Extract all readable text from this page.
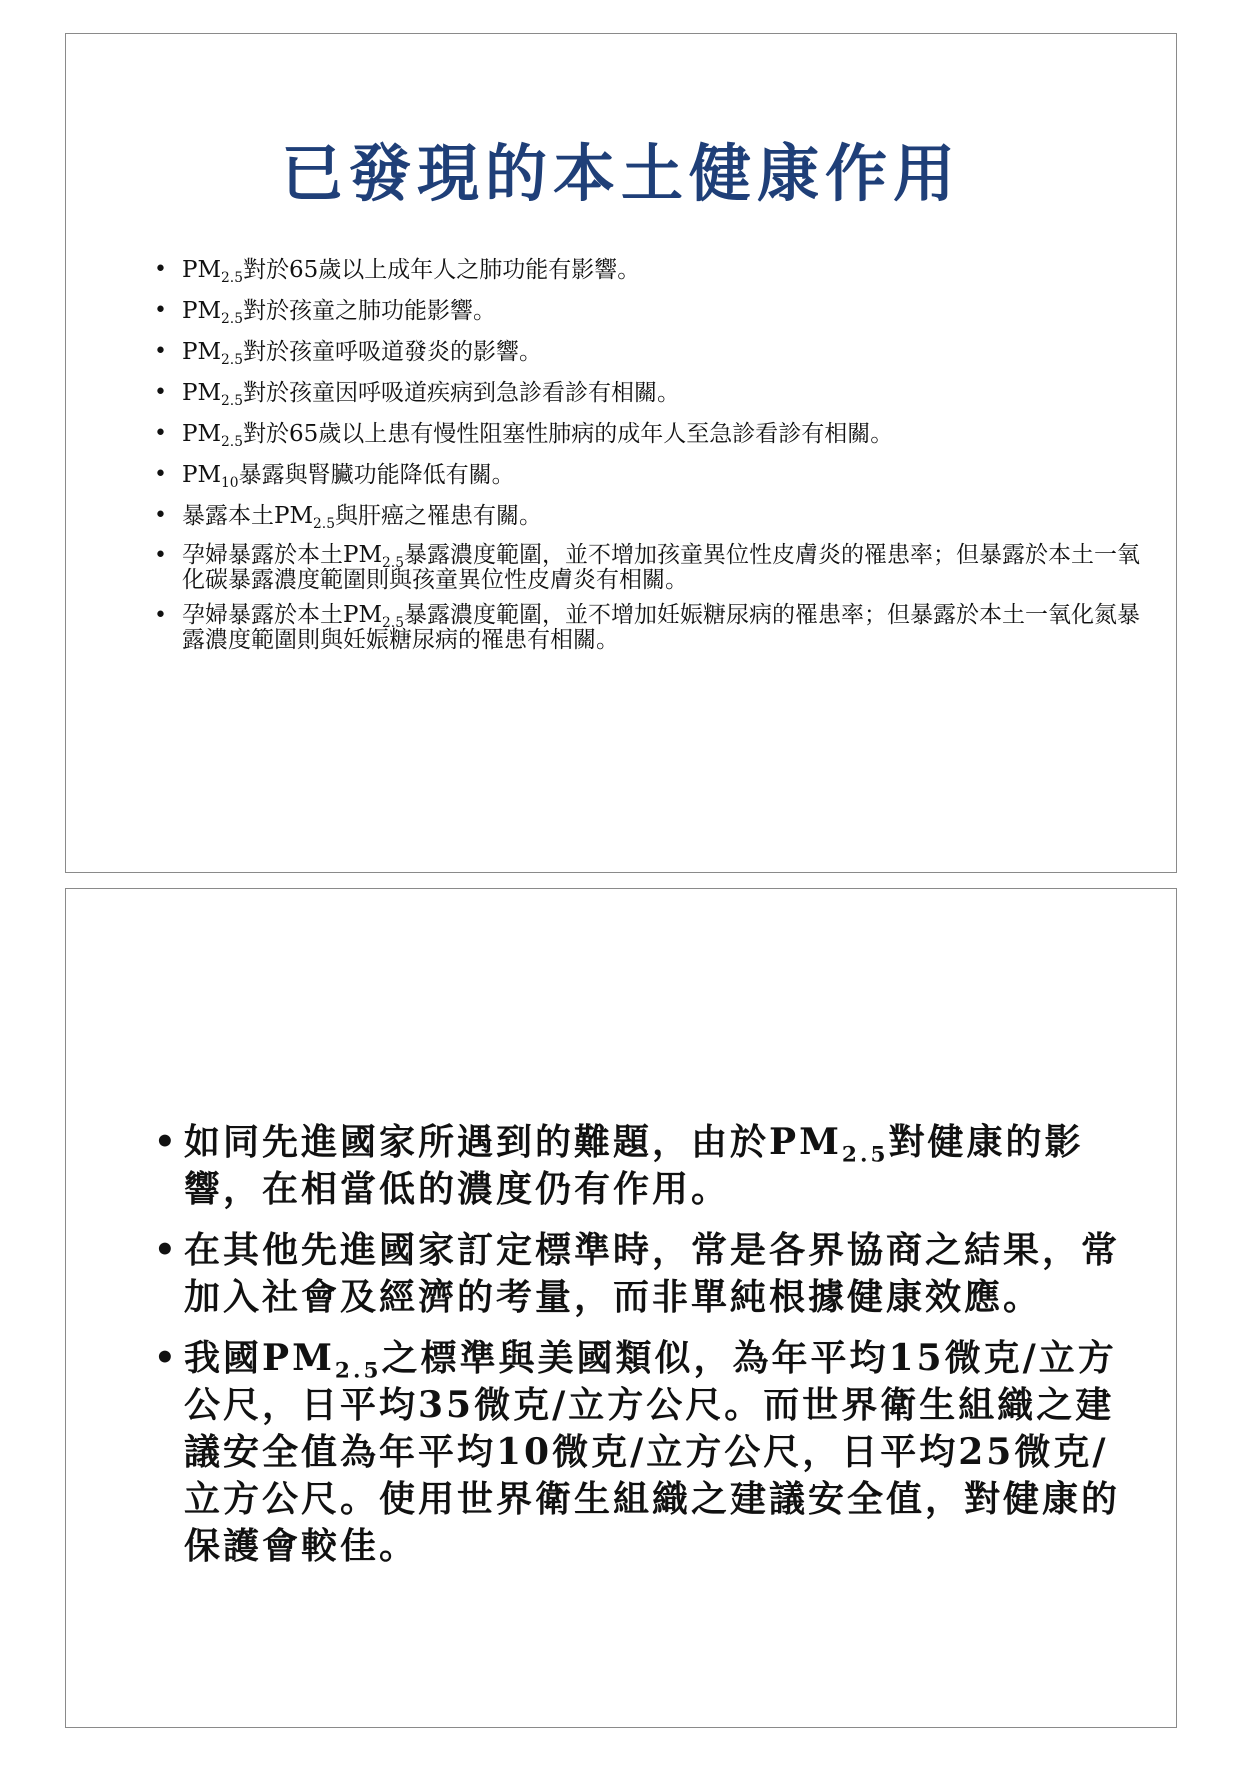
已發現的本土健康作用
• $PM_{2.5}$對於65歲以上成年人之肺功能有影響。
• $PM_{2.5}$對於孩童之肺功能影響。
• $PM_{2.5}$對於孩童呼吸道發炎的影響。
• $PM_{2.5}$對於孩童因呼吸道疾病到急診看診有相關。
• $PM_{2.5}$對於65歲以上患有慢性阻塞性肺病的成年人至急診看診有相關。
• $PM_{10}$暴露與腎臟功能降低有關。
• 暴露本土$PM_{2.5}$與肝癌之罹患有關。
• 孕婦暴露於本土$PM_{2.5}$暴露濃度範圍，並不增加孩童異位性皮膚炎的罹患率；但暴露於本土一氧化碳暴露濃度範圍則與孩童異位性皮膚炎有相關。
• 孕婦暴露於本土$PM_{2.5}$暴露濃度範圍，並不增加妊娠糖尿病的罹患率；但暴露於本土一氧化氮暴露濃度範圍則與妊娠糖尿病的罹患有相關。
• 如同先進國家所遇到的難題，由於$PM_{2.5}$對健康的影響，在相當低的濃度仍有作用。
• 在其他先進國家訂定標準時，常是各界協商之結果，常加入社會及經濟的考量，而非單純根據健康效應。
• 我國$PM_{2.5}$之標準與美國類似，為年平均15微克/立方公尺，日平均35微克/立方公尺。而世界衛生組織之建議安全值為年平均10微克/立方公尺，日平均25微克/立方公尺。使用世界衛生組織之建議安全值，對健康的保護會較佳。
